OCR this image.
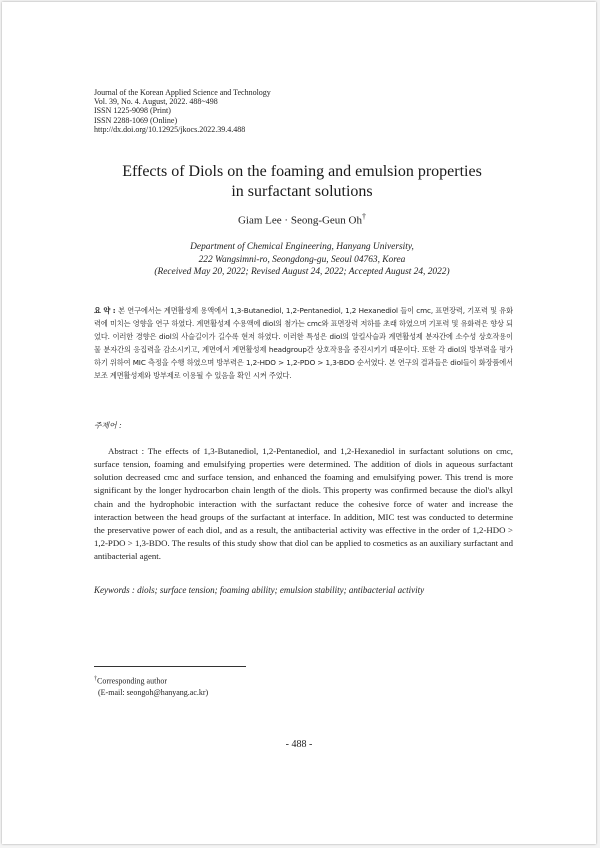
Journal of the Korean Applied Science and Technology
Vol. 39, No. 4. August, 2022. 488~498
ISSN 1225-9098 (Print)
ISSN 2288-1069 (Online)
http://dx.doi.org/10.12925/jkocs.2022.39.4.488
Effects of Diols on the foaming and emulsion properties
in surfactant solutions
Giam Lee · Seong-Geun Oh†
Department of Chemical Engineering, Hanyang University,
222 Wangsimni-ro, Seongdong-gu, Seoul 04763, Korea
(Received May 20, 2022; Revised August 24, 2022; Accepted August 24, 2022)
요 약 : 본 연구에서는 계면활성제 용액에서 1,3-Butanediol, 1,2-Pentanediol, 1,2 Hexanediol 들이 cmc, 표면장력, 기포력 및 유화력에 미치는 영향을 연구 하였다. 계면활성제 수용액에 diol의 첨가는 cmc와 표면장력 저하를 초래 하였으며 기포력 및 유화력은 향상 되었다. 이러한 경향은 diol의 사슬길이가 길수록 현저 하였다. 이러한 특성은 diol의 알킬사슬과 계면활성제 분자간에 소수성 상호작용이 물 분자간의 응집력을 감소시키고, 계면에서 계면활성제 headgroup간 상호작용을 증진시키기 때문이다. 또한 각 diol의 방부력을 평가하기 위하여 MIC 측정을 수행 하였으며 방부력은 1,2-HDO > 1,2-PDO > 1,3-BDO 순서였다. 본 연구의 결과들은 diol들이 화장품에서 보조 계면활성제와 방부제로 이용될 수 있음을 확인 시켜 주었다.
주제어 :
Abstract : The effects of 1,3-Butanediol, 1,2-Pentanediol, and 1,2-Hexanediol in surfactant solutions on cmc, surface tension, foaming and emulsifying properties were determined. The addition of diols in aqueous surfactant solution decreased cmc and surface tension, and enhanced the foaming and emulsifying power. This trend is more significant by the longer hydrocarbon chain length of the diols. This property was confirmed because the diol's alkyl chain and the hydrophobic interaction with the surfactant reduce the cohesive force of water and increase the interaction between the head groups of the surfactant at interface. In addition, MIC test was conducted to determine the preservative power of each diol, and as a result, the antibacterial activity was effective in the order of 1,2-HDO > 1,2-PDO > 1,3-BDO. The results of this study show that diol can be applied to cosmetics as an auxiliary surfactant and antibacterial agent.
Keywords : diols; surface tension; foaming ability; emulsion stability; antibacterial activity
†Corresponding author
(E-mail: seongoh@hanyang.ac.kr)
- 488 -
